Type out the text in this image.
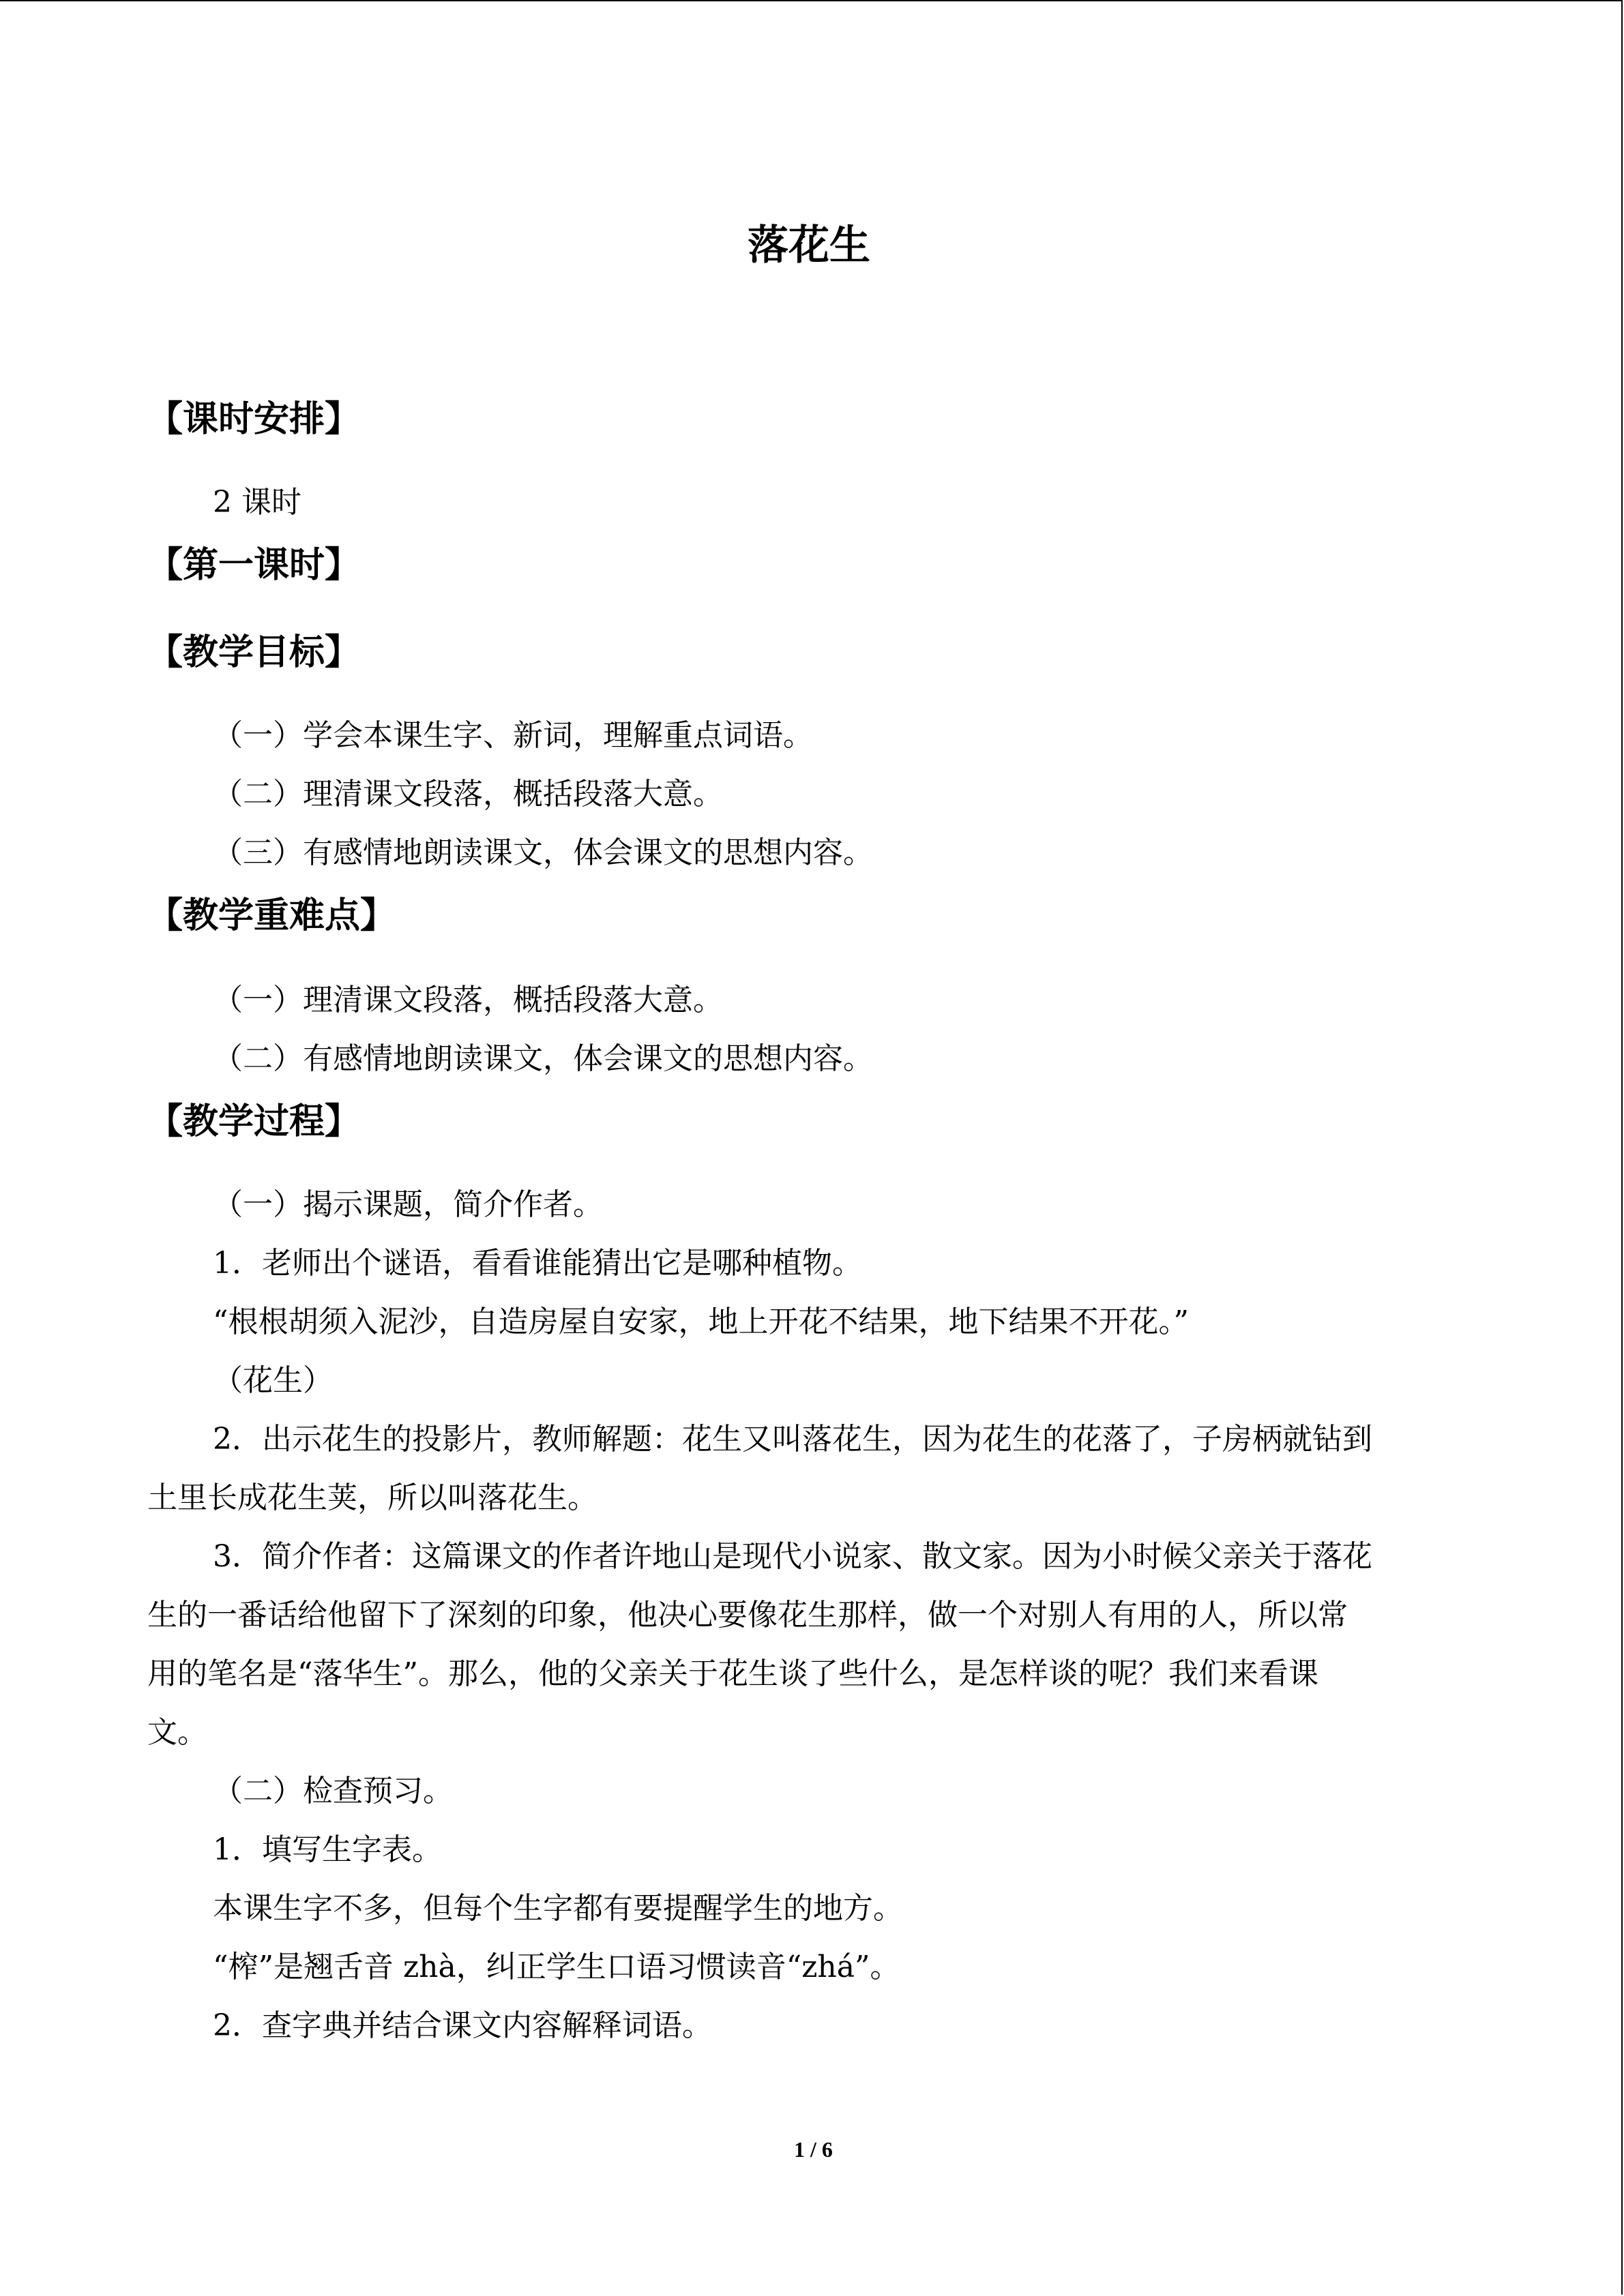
落花生
【课时安排】
2 课时
【第一课时】
【教学目标】
（一）学会本课生字、新词，理解重点词语。
（二）理清课文段落，概括段落大意。
（三）有感情地朗读课文，体会课文的思想内容。
【教学重难点】
（一）理清课文段落，概括段落大意。
（二）有感情地朗读课文，体会课文的思想内容。
【教学过程】
（一）揭示课题，简介作者。
1．老师出个谜语，看看谁能猜出它是哪种植物。
“根根胡须入泥沙，自造房屋自安家，地上开花不结果，地下结果不开花。”
（花生）
2．出示花生的投影片，教师解题：花生又叫落花生，因为花生的花落了，子房柄就钻到
土里长成花生荚，所以叫落花生。
3．简介作者：这篇课文的作者许地山是现代小说家、散文家。因为小时候父亲关于落花
生的一番话给他留下了深刻的印象，他决心要像花生那样，做一个对别人有用的人，所以常
用的笔名是“落华生”。那么，他的父亲关于花生谈了些什么，是怎样谈的呢？我们来看课
文。
（二）检查预习。
1．填写生字表。
本课生字不多，但每个生字都有要提醒学生的地方。
“榨”是翘舌音 zhà，纠正学生口语习惯读音“zhá”。
2．查字典并结合课文内容解释词语。
1 / 6
